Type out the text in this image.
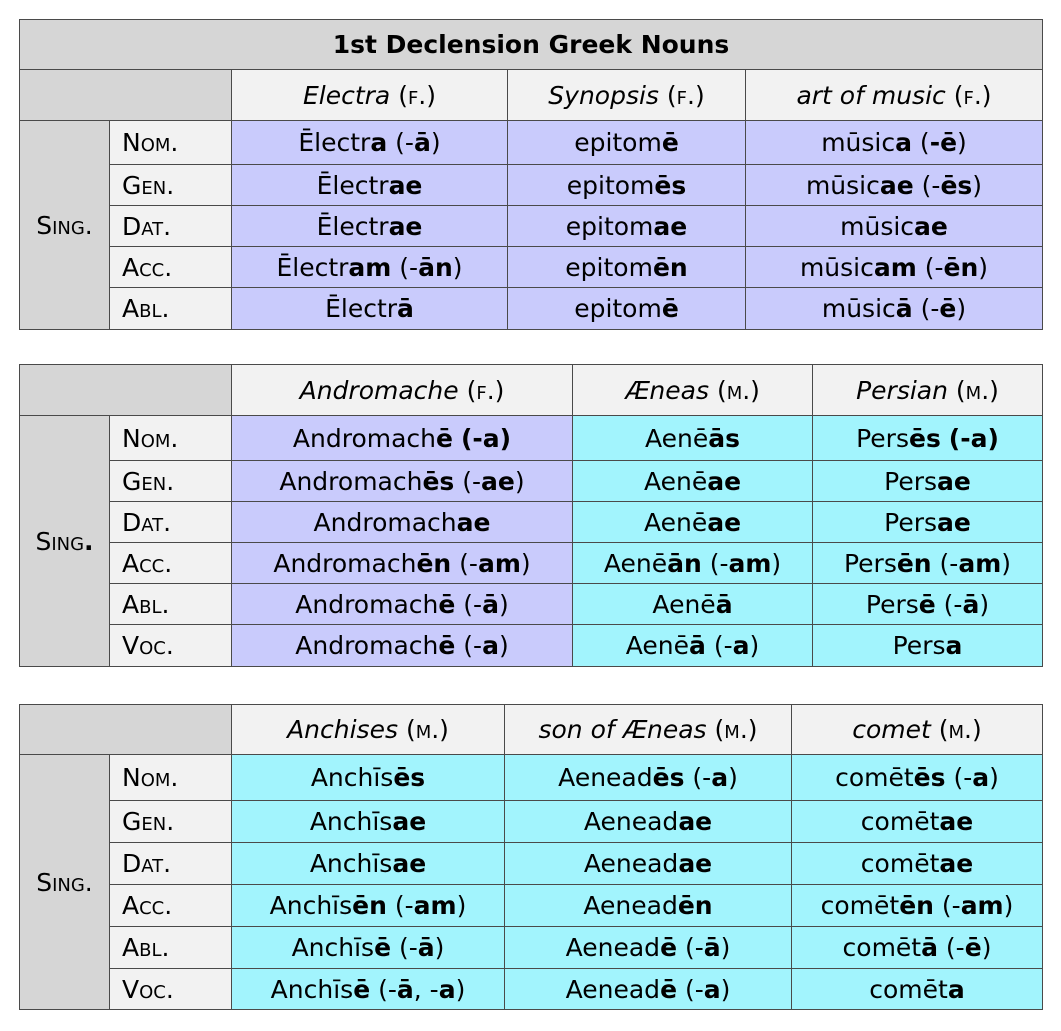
1st Declension Greek Nouns				
		Electra (f.)	Synopsis (f.)	art of music (f.)
Sing.	Nom.	Ēlectra (-ā)	epitomē	mūsica (-ē)
	Gen.	Ēlectrae	epitomēs	mūsicae (-ēs)
	Dat.	Ēlectrae	epitomae	mūsicae
	Acc.	Ēlectram (-ān)	epitomēn	mūsicam (-ēn)
	Abl.	Ēlectrā	epitomē	mūsicā (-ē)
		Andromache (f.)	Æneas (m.)	Persian (m.)
Sing.	Nom.	Andromachē (-a)	Aenēās	Persēs (-a)
	Gen.	Andromachēs (-ae)	Aenēae	Persae
	Dat.	Andromachae	Aenēae	Persae
	Acc.	Andromachēn (-am)	Aenēān (-am)	Persēn (-am)
	Abl.	Andromachē (-ā)	Aenēā	Persē (-ā)
	Voc.	Andromachē (-a)	Aenēā (-a)	Persa
		Anchises (m.)	son of Æneas (m.)	comet (m.)
Sing.	Nom.	Anchīsēs	Aeneadēs (-a)	comētēs (-a)
	Gen.	Anchīsae	Aeneadae	comētae
	Dat.	Anchīsae	Aeneadae	comētae
	Acc.	Anchīsēn (-am)	Aeneadēn	comētēn (-am)
	Abl.	Anchīsē (-ā)	Aeneadē (-ā)	comētā (-ē)
	Voc.	Anchīsē (-ā, -a)	Aeneadē (-a)	comēta
